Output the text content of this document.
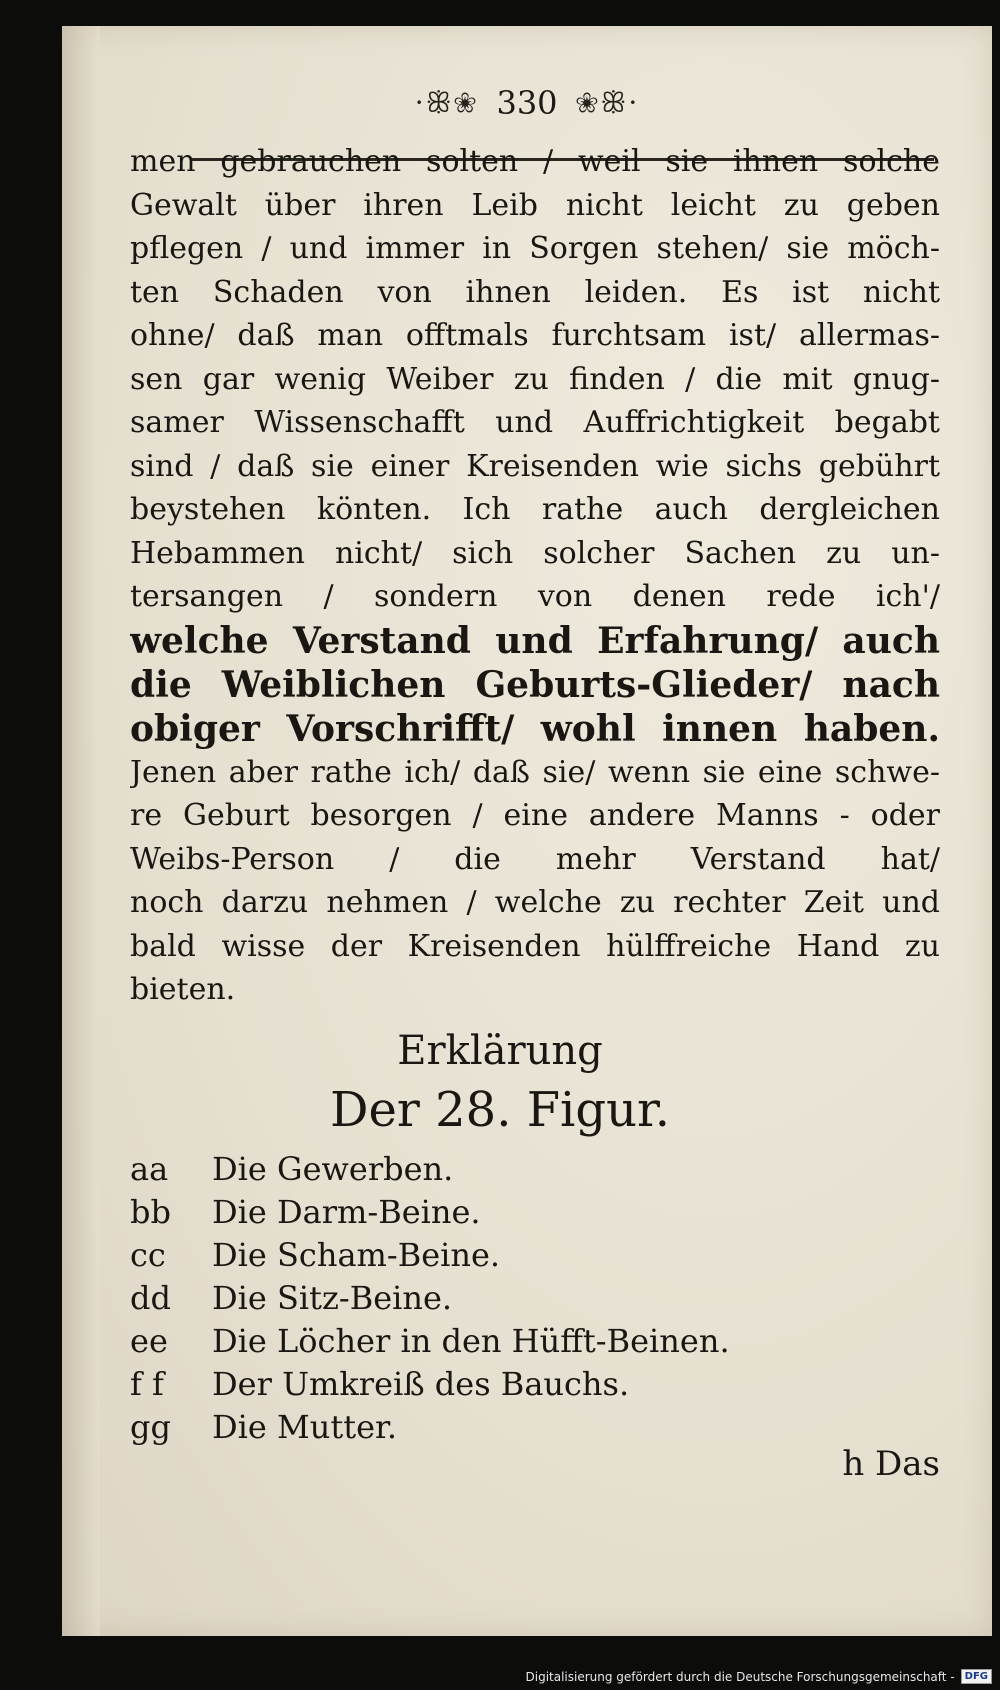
·ꕥ❀ 330 ❀ꕥ·
men gebrauchen solten / weil sie ihnen solche
Gewalt über ihren Leib nicht leicht zu geben
pflegen / und immer in Sorgen stehen/ sie möch-
ten Schaden von ihnen leiden. Es ist nicht
ohne/ daß man offtmals furchtsam ist/ allermas-
sen gar wenig Weiber zu finden / die mit gnug-
samer Wissenschafft und Auffrichtigkeit begabt
sind / daß sie einer Kreisenden wie sichs gebührt
beystehen könten. Ich rathe auch dergleichen
Hebammen nicht/ sich solcher Sachen zu un-
tersangen / sondern von denen rede ich'/
welche Verstand und Erfahrung/ auch
die Weiblichen Geburts-Glieder/ nach
obiger Vorschrifft/ wohl innen haben.
Jenen aber rathe ich/ daß sie/ wenn sie eine schwe-
re Geburt besorgen / eine andere Manns - oder
Weibs-Person / die mehr Verstand hat/
noch darzu nehmen / welche zu rechter Zeit und
bald wisse der Kreisenden hülffreiche Hand zu
bieten.
Erklärung
Der 28. Figur.
aa	Die Gewerben.
bb	Die Darm-Beine.
cc	Die Scham-Beine.
dd	Die Sitz-Beine.
ee	Die Löcher in den Hüfft-Beinen.
f f	Der Umkreiß des Bauchs.
gg	Die Mutter.
h Das
Digitalisierung gefördert durch die Deutsche Forschungsgemeinschaft -	DFG
